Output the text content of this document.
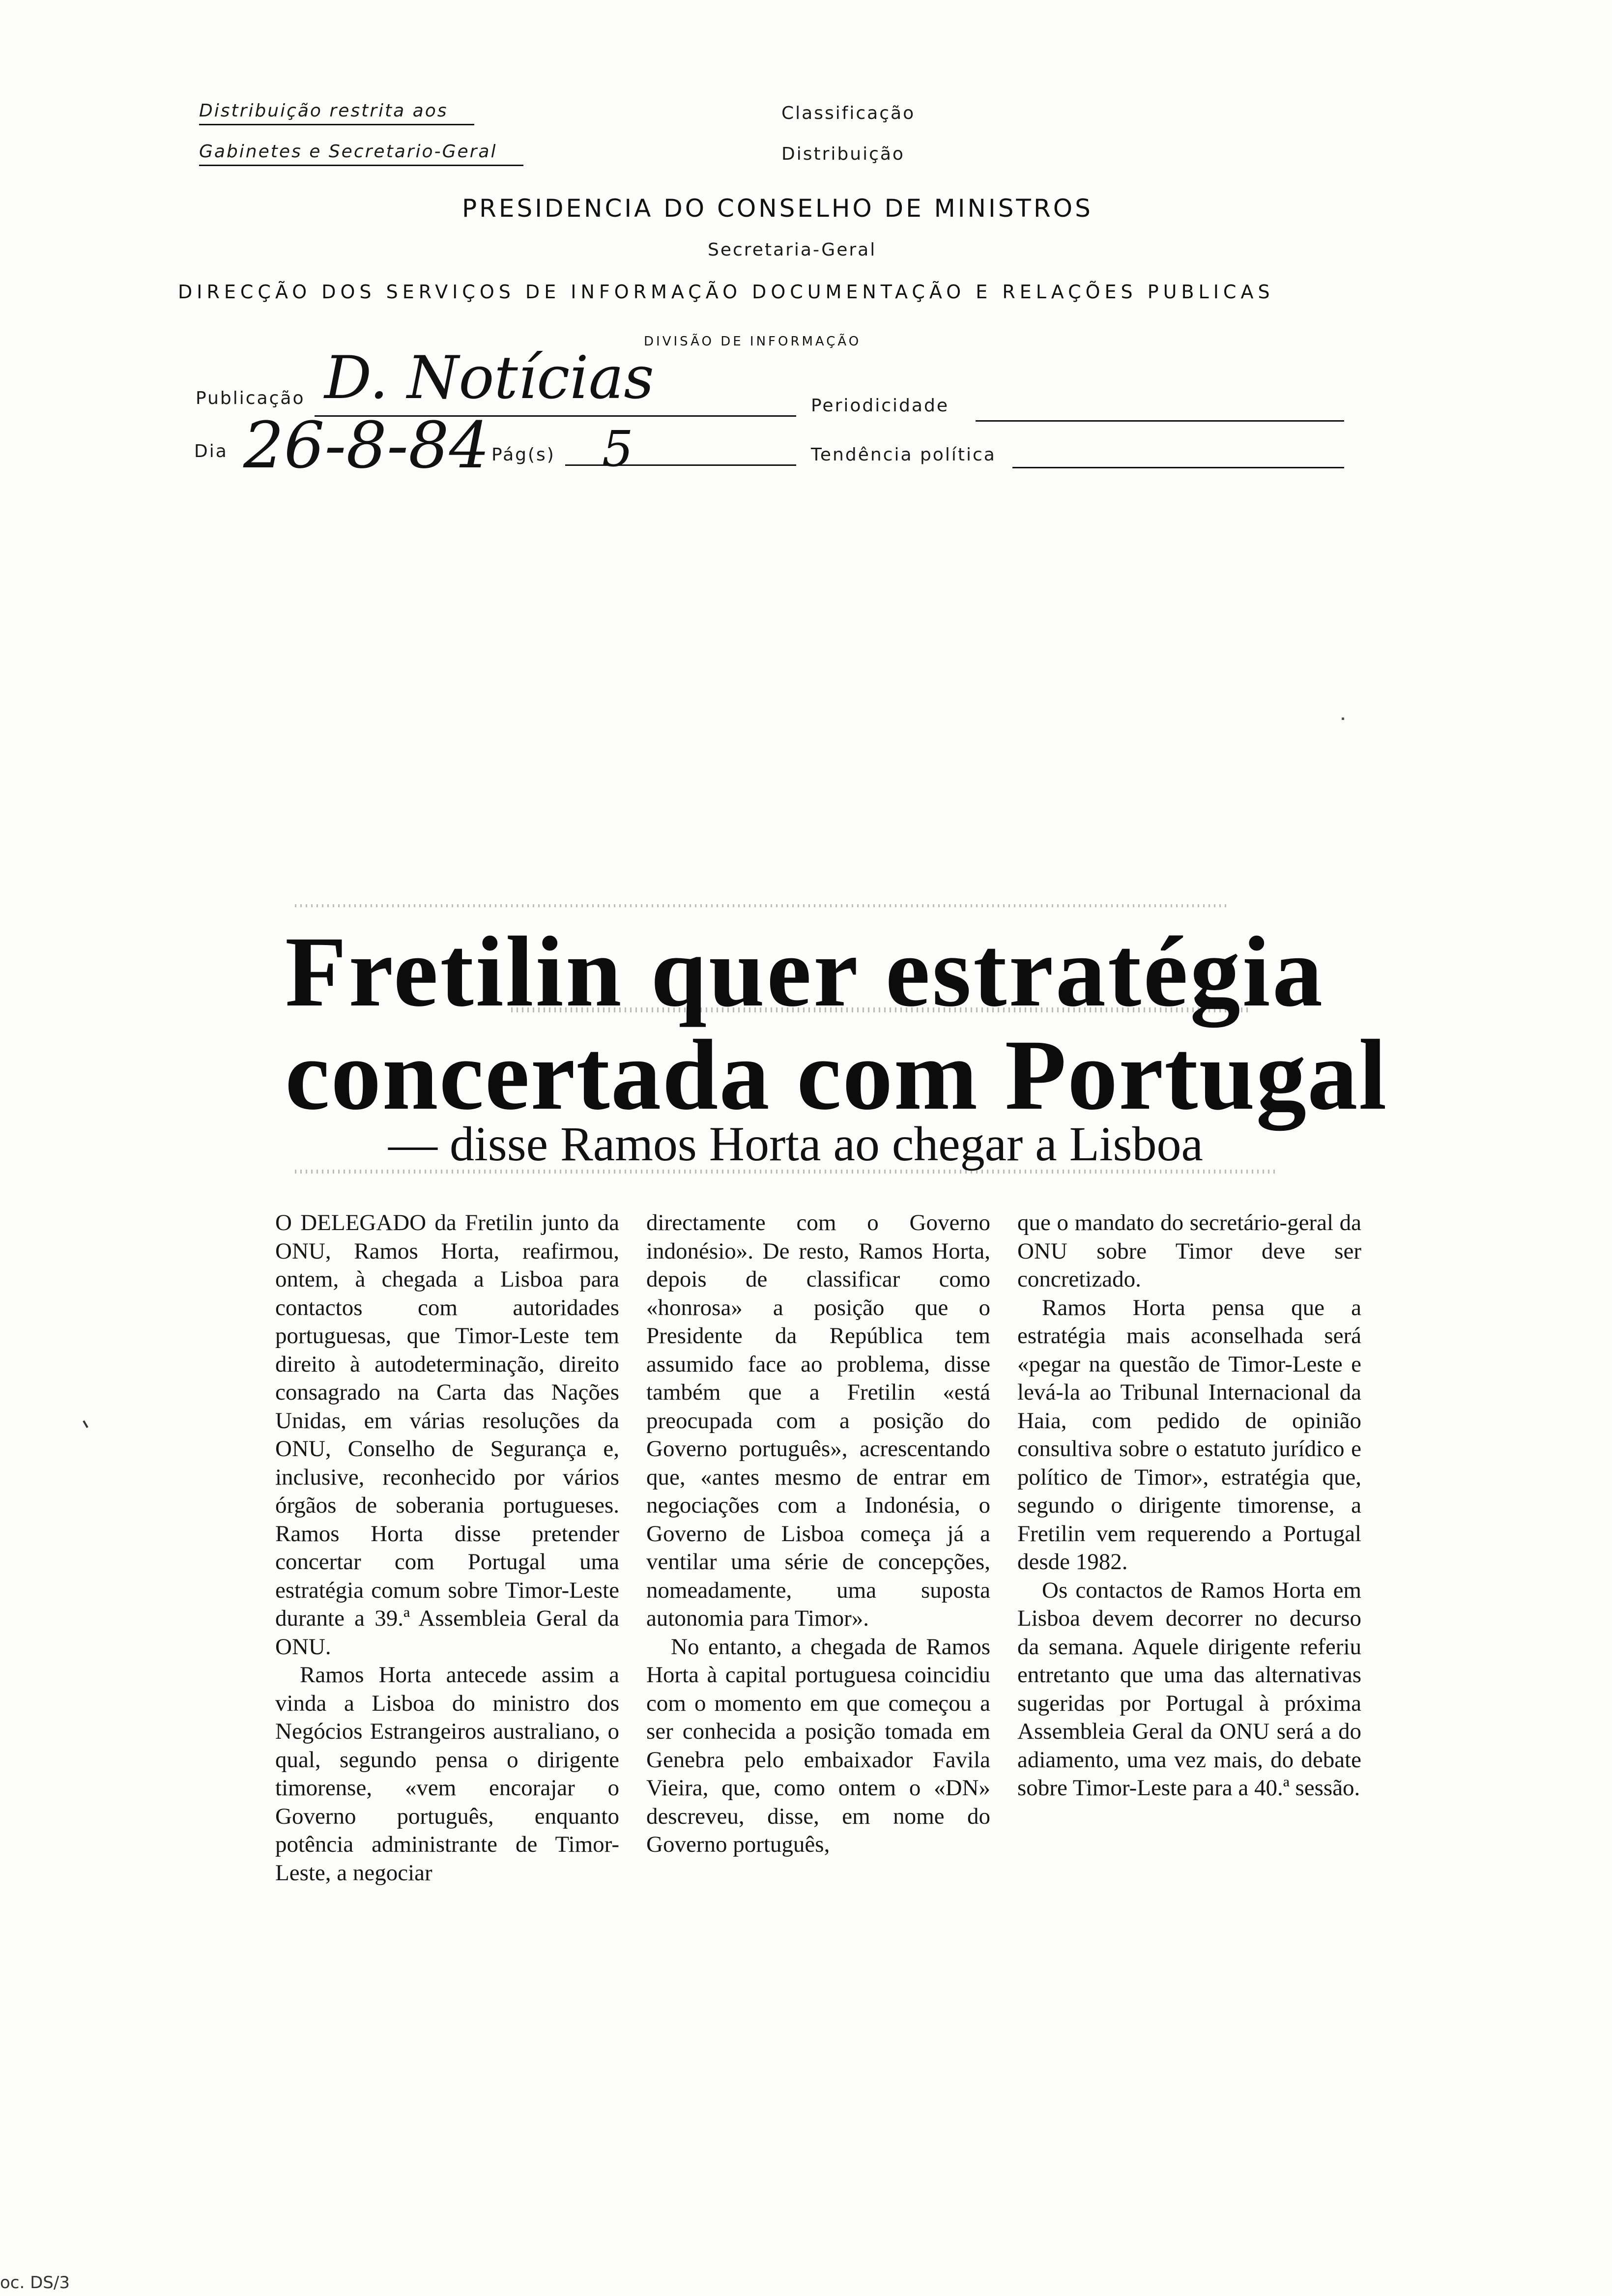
Distribuição restrita aos
Gabinetes e Secretario-Geral
Classificação
Distribuição
PRESIDENCIA DO CONSELHO DE MINISTROS
Secretaria-Geral
DIRECÇÃO DOS SERVIÇOS DE INFORMAÇÃO DOCUMENTAÇÃO E RELAÇÕES PUBLICAS
DIVISÃO DE INFORMAÇÃO
Publicação D. Notícias	Periodicidade
Dia 26-8-84 Pág(s) 5	Tendência política
Fretilin quer estratégia
concertada com Portugal
— disse Ramos Horta ao chegar a Lisboa

O DELEGADO da Fretilin junto da ONU, Ramos Horta, reafirmou, ontem, à chegada a Lisboa para contactos com autoridades portuguesas, que Timor-Leste tem direito à autodeterminação, direito consagrado na Carta das Nações Unidas, em várias resoluções da ONU, Conselho de Segurança e, inclusive, reconhecido por vários órgãos de soberania portugueses. Ramos Horta disse pretender concertar com Portugal uma estratégia comum sobre Timor-Leste durante a 39.ª Assembleia Geral da ONU.

Ramos Horta antecede assim a vinda a Lisboa do ministro dos Negócios Estrangeiros australiano, o qual, segundo pensa o dirigente timorense, «vem encorajar o Governo português, enquanto potência administrante de Timor-Leste, a negociar

directamente com o Governo indonésio». De resto, Ramos Horta, depois de classificar como «honrosa» a posição que o Presidente da República tem assumido face ao problema, disse também que a Fretilin «está preocupada com a posição do Governo português», acrescentando que, «antes mesmo de entrar em negociações com a Indonésia, o Governo de Lisboa começa já a ventilar uma série de concepções, nomeadamente, uma suposta autonomia para Timor».

No entanto, a chegada de Ramos Horta à capital portuguesa coincidiu com o momento em que começou a ser conhecida a posição tomada em Genebra pelo embaixador Favila Vieira, que, como ontem o «DN» descreveu, disse, em nome do Governo português,

que o mandato do secretário-geral da ONU sobre Timor deve ser concretizado.

Ramos Horta pensa que a estratégia mais aconselhada será «pegar na questão de Timor-Leste e levá-la ao Tribunal Internacional da Haia, com pedido de opinião consultiva sobre o estatuto jurídico e político de Timor», estratégia que, segundo o dirigente timorense, a Fretilin vem requerendo a Portugal desde 1982.

Os contactos de Ramos Horta em Lisboa devem decorrer no decurso da semana. Aquele dirigente referiu entretanto que uma das alternativas sugeridas por Portugal à próxima Assembleia Geral da ONU será a do adiamento, uma vez mais, do debate sobre Timor-Leste para a 40.ª sessão.

oc. DS/3
